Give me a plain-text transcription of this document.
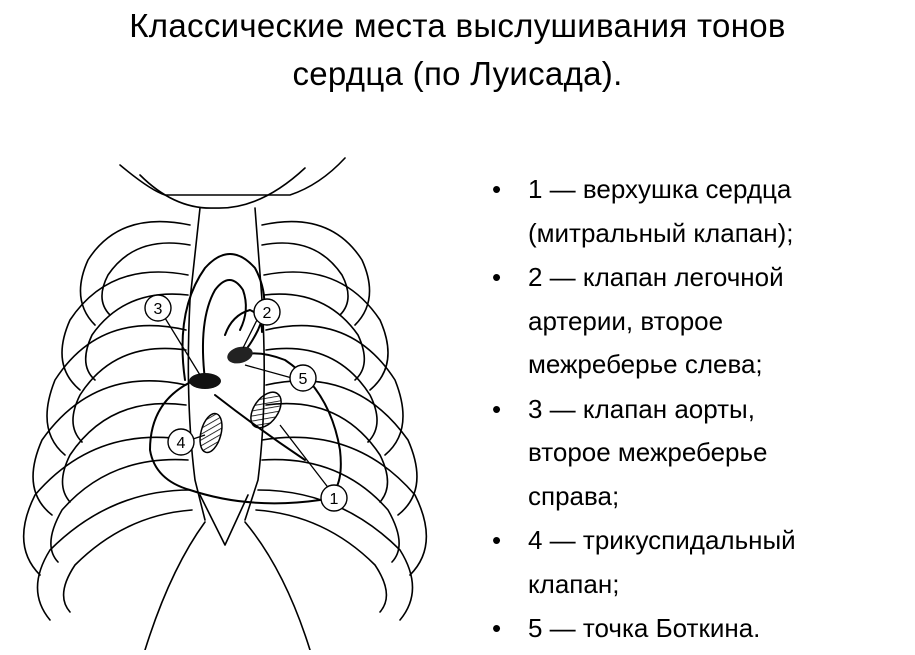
Классические места выслушивания тонов
сердца (по Луисада).
1
2
3
4
5
• 1 — верхушка сердца
(митральный клапан);
• 2 — клапан легочной
артерии, второе
межреберье слева;
• 3 — клапан аорты,
второе межреберье
справа;
• 4 — трикуспидальный
клапан;
• 5 — точка Боткина.
